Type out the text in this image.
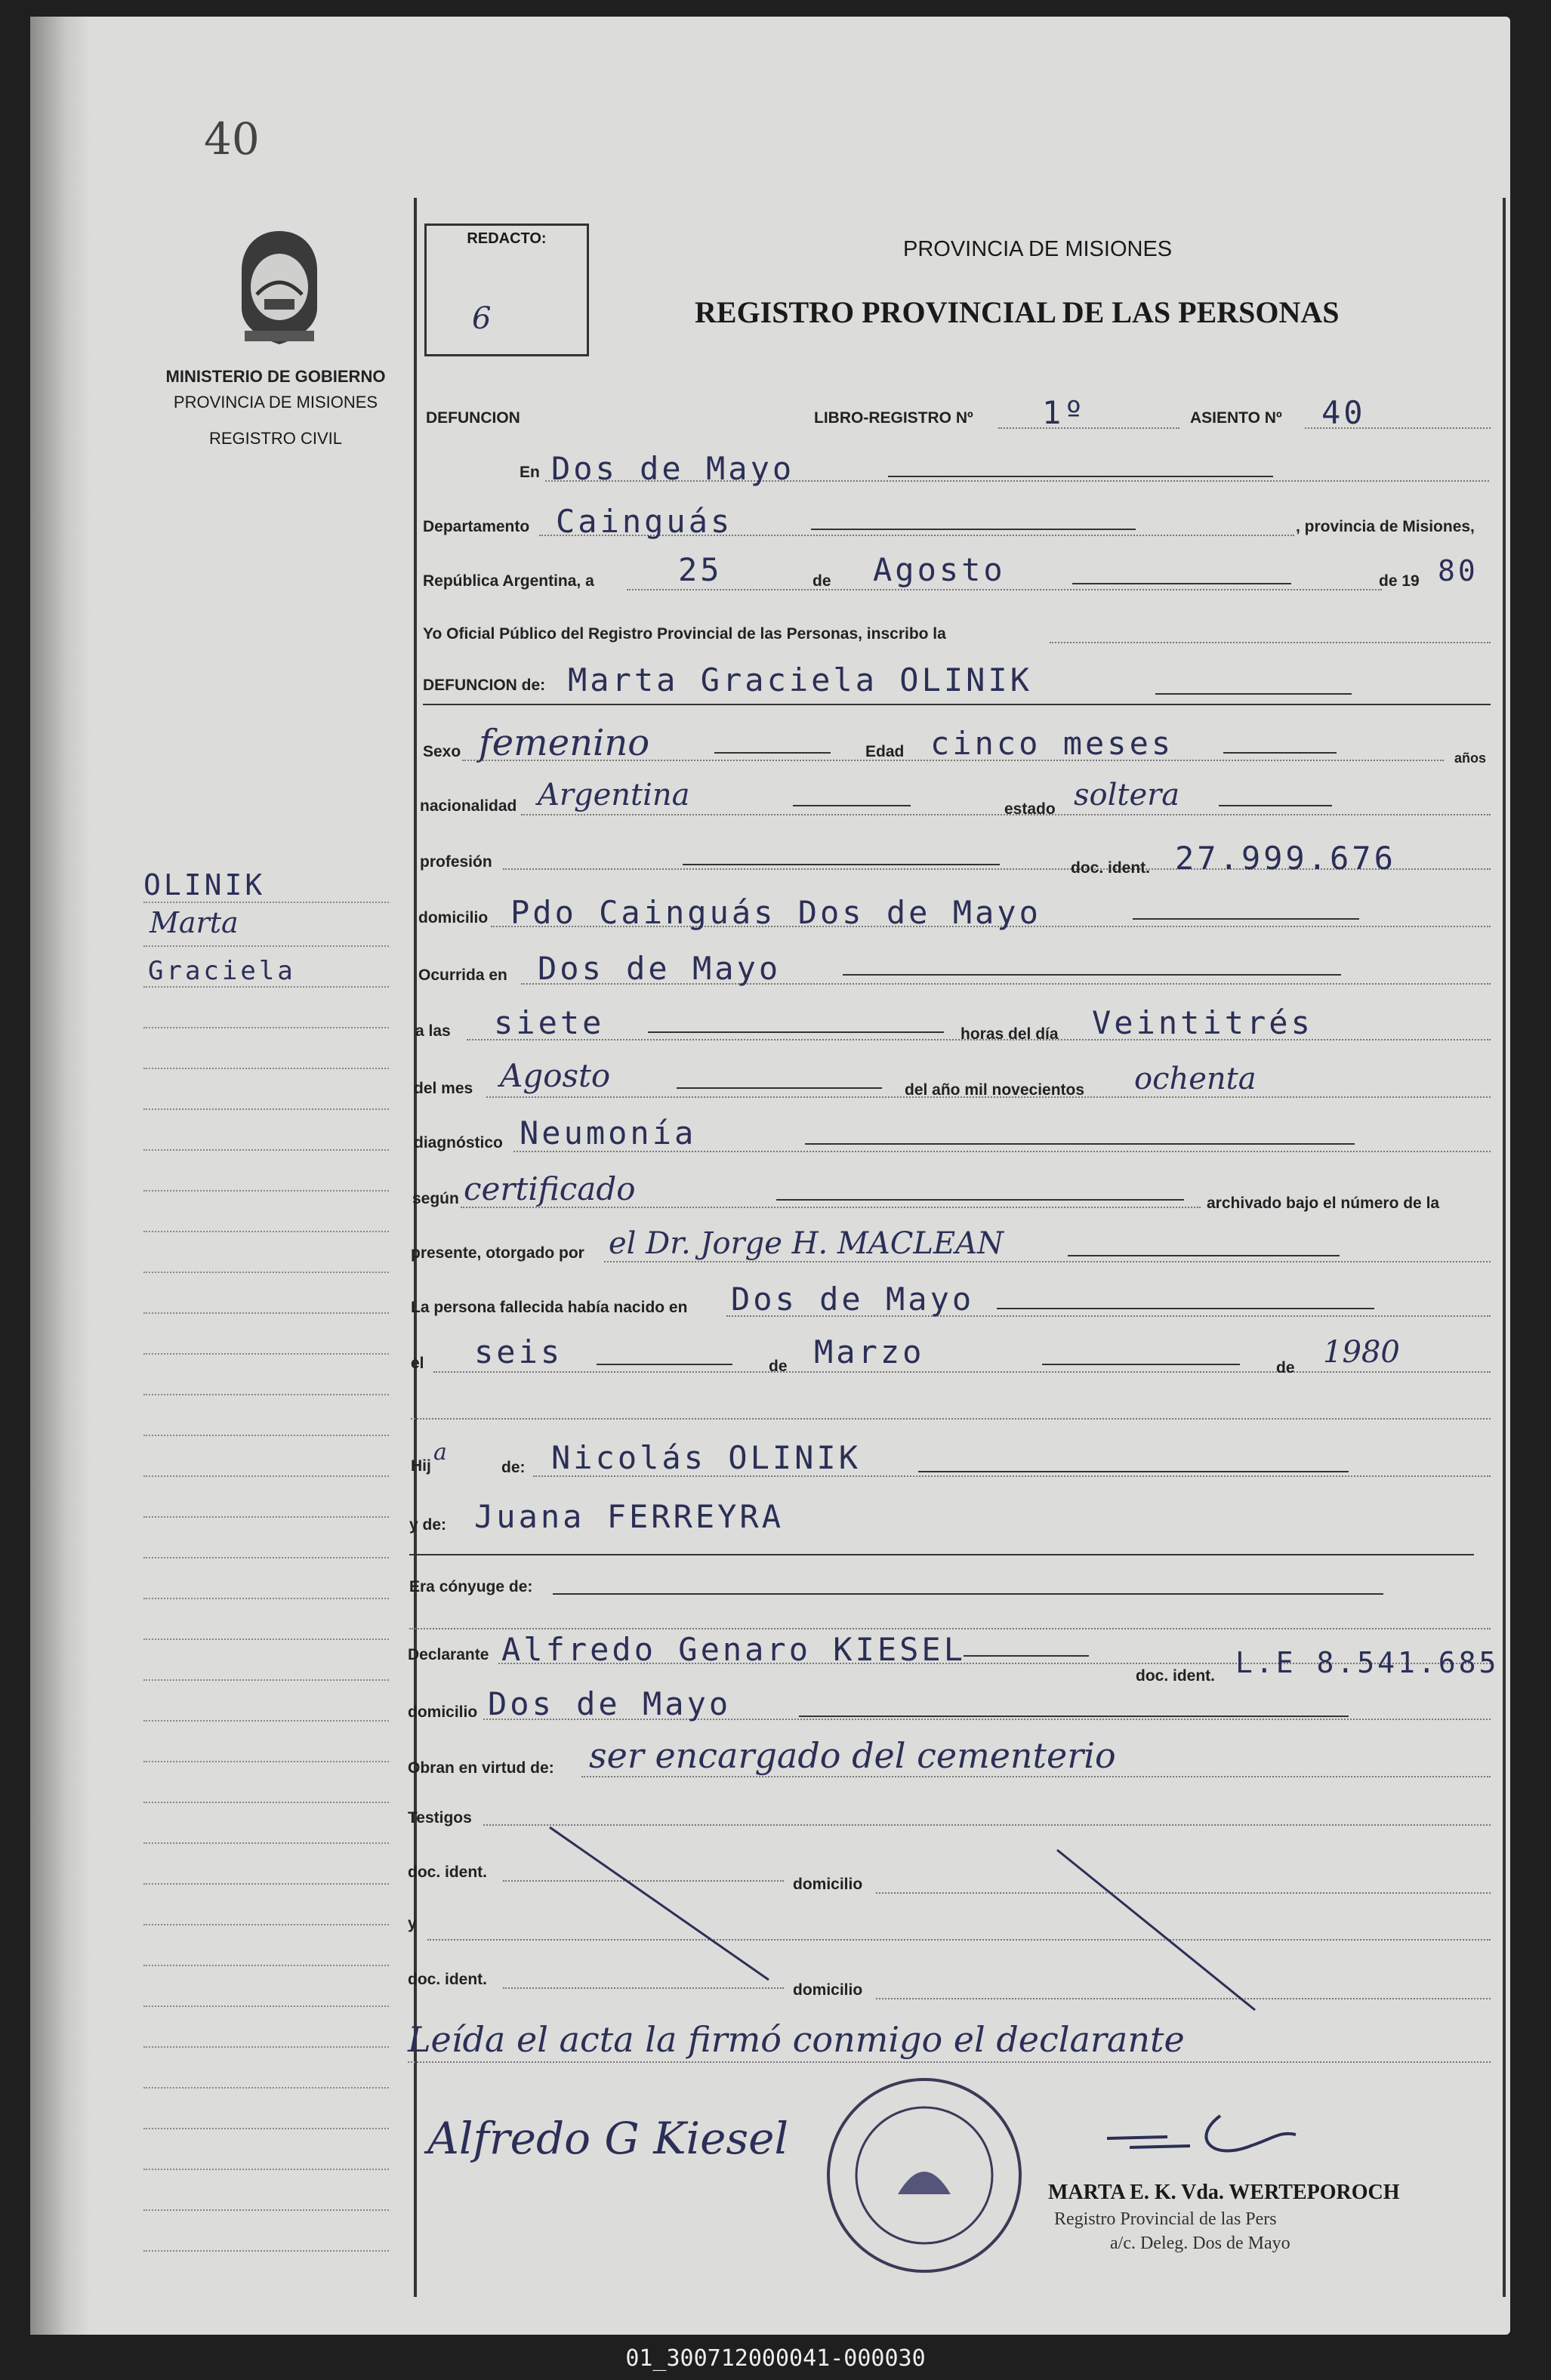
40
MINISTERIO DE GOBIERNO
PROVINCIA DE MISIONES
REGISTRO CIVIL
REDACTO:
6
PROVINCIA DE MISIONES
REGISTRO PROVINCIAL DE LAS PERSONAS
DEFUNCION	LIBRO-REGISTRO Nº 1º	ASIENTO Nº 40
En Dos de Mayo
Departamento Cainguás	, provincia de Misiones,
República Argentina, a	25	de Agosto	de 19 80
Yo Oficial Público del Registro Provincial de las Personas, inscribo la
DEFUNCION de: Marta Graciela OLINIK
Sexo femenino	Edad cinco meses	años
nacionalidad Argentina	estado soltera
profesión	doc. ident. 27.999.676
domicilio Pdo Cainguás Dos de Mayo
Ocurrida en Dos de Mayo
a las siete	horas del día Veintitrés
del mes Agosto	del año mil novecientos ochenta
diagnóstico Neumonía
según certificado	archivado bajo el número de la
presente, otorgado por el Dr. Jorge H. MACLEAN
La persona fallecida había nacido en Dos de Mayo
el seis	de Marzo	de 1980
Hij
a
de: Nicolás OLINIK
y de: Juana FERREYRA
Era cónyuge de:
Declarante Alfredo Genaro KIESEL
doc. ident. L.E 8.541.685
domicilio Dos de Mayo
Obran en virtud de: ser encargado del cementerio
Testigos
doc. ident.
domicilio
y
doc. ident.
domicilio
Leída el acta la firmó conmigo el declarante
Alfredo G Kiesel
MARTA E. K. Vda. WERTEPOROCH
Registro Provincial de las Pers
a/c. Deleg. Dos de Mayo
OLINIK
Marta
Graciela
01_300712000041-000030
